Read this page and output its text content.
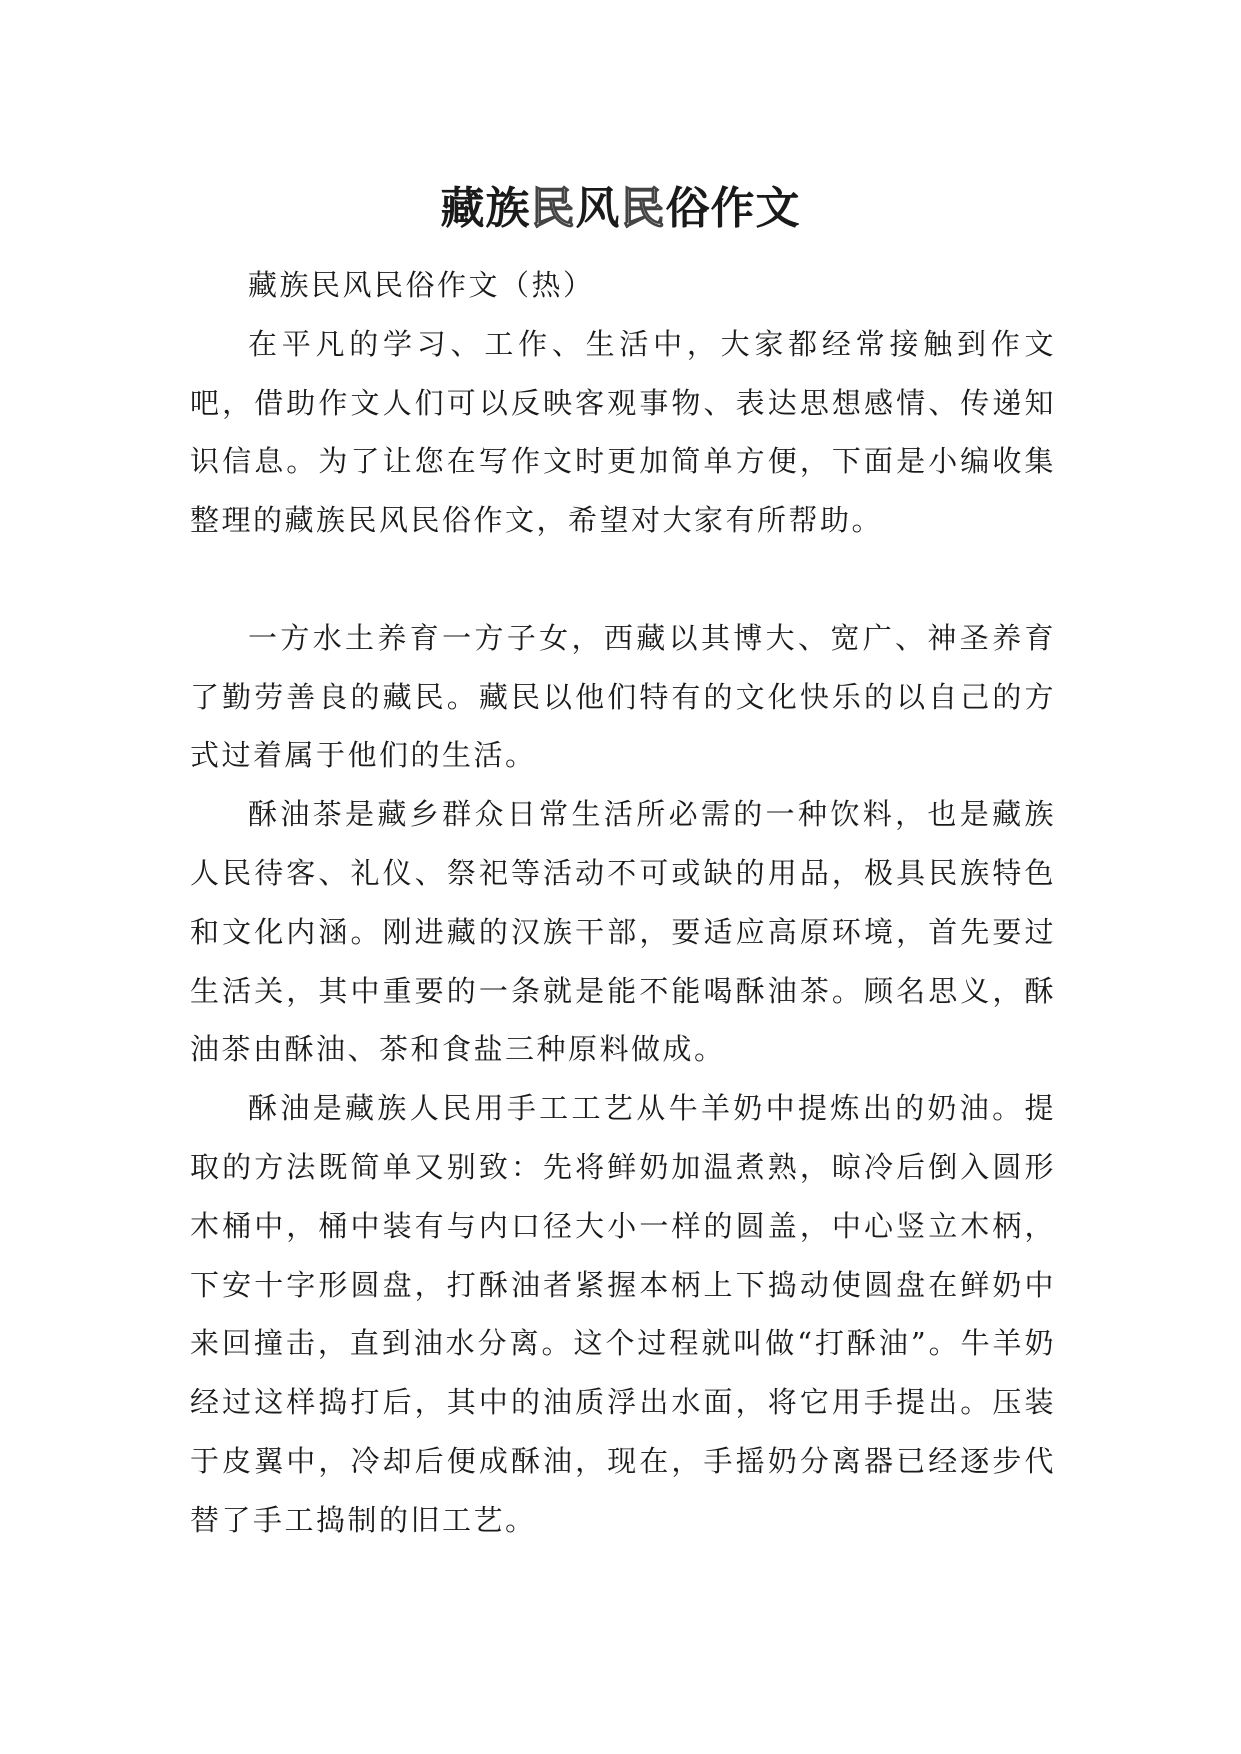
藏族民风民俗作文

藏族民风民俗作文（热）

在平凡的学习、工作、生活中，大家都经常接触到作文吧，借助作文人们可以反映客观事物、表达思想感情、传递知识信息。为了让您在写作文时更加简单方便，下面是小编收集整理的藏族民风民俗作文，希望对大家有所帮助。

一方水土养育一方子女，西藏以其博大、宽广、神圣养育了勤劳善良的藏民。藏民以他们特有的文化快乐的以自己的方式过着属于他们的生活。

酥油茶是藏乡群众日常生活所必需的一种饮料，也是藏族人民待客、礼仪、祭祀等活动不可或缺的用品，极具民族特色和文化内涵。刚进藏的汉族干部，要适应高原环境，首先要过生活关，其中重要的一条就是能不能喝酥油茶。顾名思义，酥油茶由酥油、茶和食盐三种原料做成。

酥油是藏族人民用手工工艺从牛羊奶中提炼出的奶油。提取的方法既简单又别致：先将鲜奶加温煮熟，晾冷后倒入圆形木桶中，桶中装有与内口径大小一样的圆盖，中心竖立木柄，下安十字形圆盘，打酥油者紧握本柄上下捣动使圆盘在鲜奶中来回撞击，直到油水分离。这个过程就叫做“打酥油”。牛羊奶经过这样捣打后，其中的油质浮出水面，将它用手提出。压装于皮翼中，冷却后便成酥油，现在，手摇奶分离器已经逐步代替了手工捣制的旧工艺。
